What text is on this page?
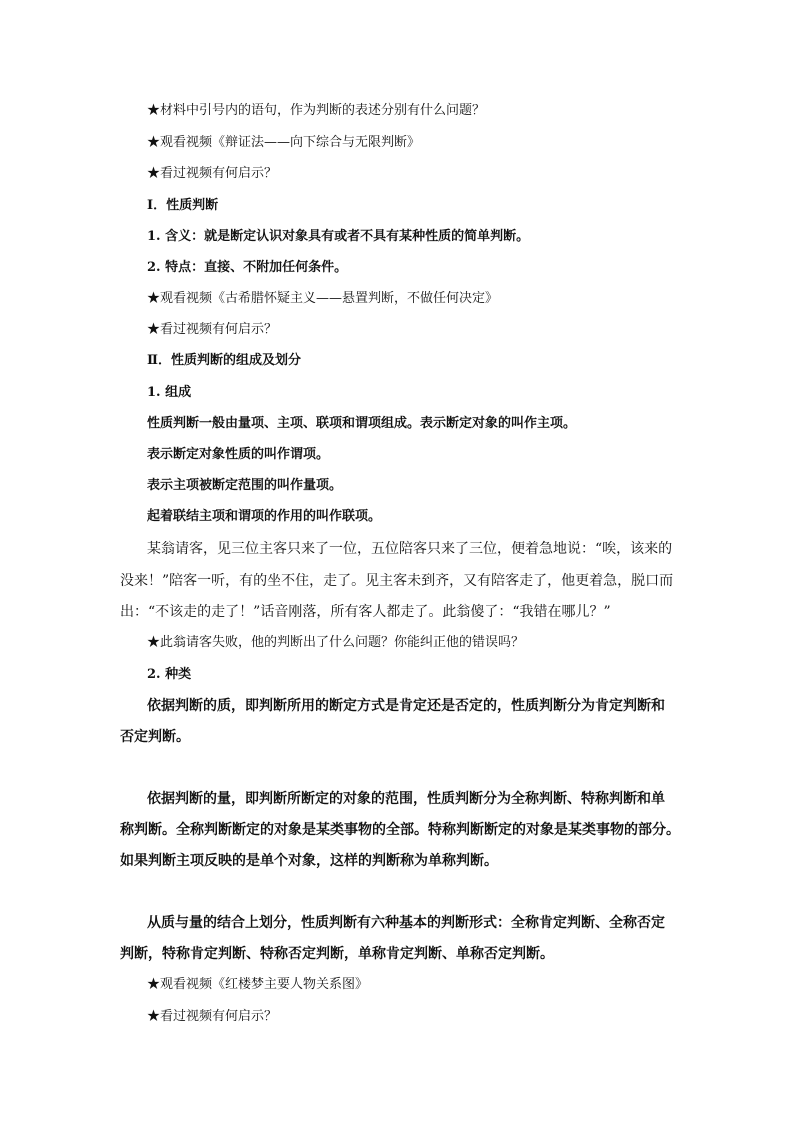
★材料中引号内的语句，作为判断的表述分别有什么问题？

★观看视频《辩证法——向下综合与无限判断》

★看过视频有何启示？

Ⅰ．性质判断

1. 含义：就是断定认识对象具有或者不具有某种性质的简单判断。

2. 特点：直接、不附加任何条件。

★观看视频《古希腊怀疑主义——悬置判断，不做任何决定》

★看过视频有何启示？

Ⅱ．性质判断的组成及划分

1. 组成

性质判断一般由量项、主项、联项和谓项组成。表示断定对象的叫作主项。

表示断定对象性质的叫作谓项。

表示主项被断定范围的叫作量项。

起着联结主项和谓项的作用的叫作联项。

某翁请客，见三位主客只来了一位，五位陪客只来了三位，便着急地说：“唉，该来的

没来！”陪客一听，有的坐不住，走了。见主客未到齐，又有陪客走了，他更着急，脱口而

出：“不该走的走了！”话音刚落，所有客人都走了。此翁傻了：“我错在哪儿？”

★此翁请客失败，他的判断出了什么问题？你能纠正他的错误吗？

2. 种类

依据判断的质，即判断所用的断定方式是肯定还是否定的，性质判断分为肯定判断和

否定判断。

依据判断的量，即判断所断定的对象的范围，性质判断分为全称判断、特称判断和单

称判断。全称判断断定的对象是某类事物的全部。特称判断断定的对象是某类事物的部分。

如果判断主项反映的是单个对象，这样的判断称为单称判断。

从质与量的结合上划分，性质判断有六种基本的判断形式：全称肯定判断、全称否定

判断，特称肯定判断、特称否定判断，单称肯定判断、单称否定判断。

★观看视频《红楼梦主要人物关系图》

★看过视频有何启示？
